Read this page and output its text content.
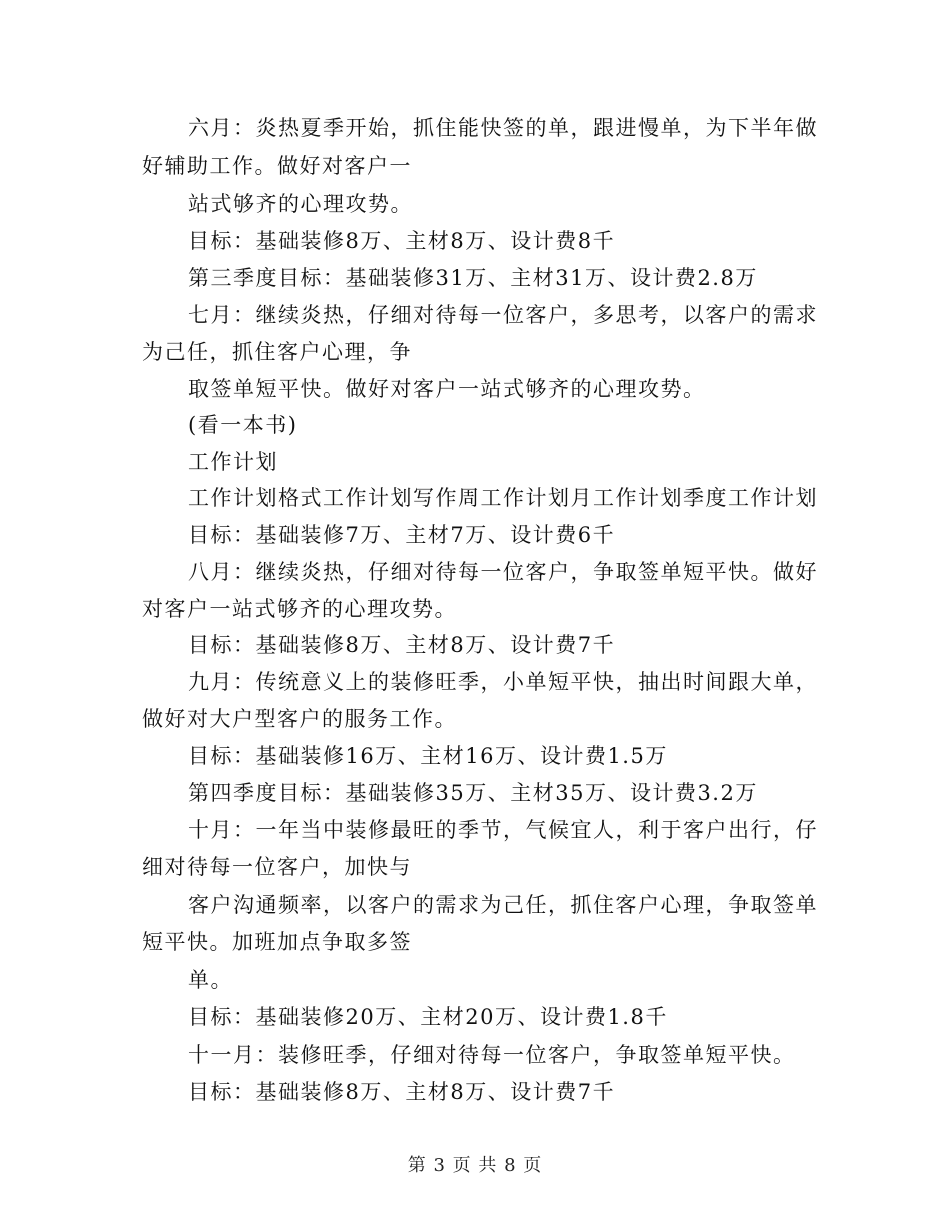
六月：炎热夏季开始，抓住能快签的单，跟进慢单，为下半年做
好辅助工作。做好对客户一
站式够齐的心理攻势。
目标：基础装修8万、主材8万、设计费8千
第三季度目标：基础装修31万、主材31万、设计费2.8万
七月：继续炎热，仔细对待每一位客户，多思考，以客户的需求
为己任，抓住客户心理，争
取签单短平快。做好对客户一站式够齐的心理攻势。
(看一本书)
工作计划
工作计划格式工作计划写作周工作计划月工作计划季度工作计划
目标：基础装修7万、主材7万、设计费6千
八月：继续炎热，仔细对待每一位客户，争取签单短平快。做好
对客户一站式够齐的心理攻势。
目标：基础装修8万、主材8万、设计费7千
九月：传统意义上的装修旺季，小单短平快，抽出时间跟大单，
做好对大户型客户的服务工作。
目标：基础装修16万、主材16万、设计费1.5万
第四季度目标：基础装修35万、主材35万、设计费3.2万
十月：一年当中装修最旺的季节，气候宜人，利于客户出行，仔
细对待每一位客户，加快与
客户沟通频率，以客户的需求为己任，抓住客户心理，争取签单
短平快。加班加点争取多签
单。
目标：基础装修20万、主材20万、设计费1.8千
十一月：装修旺季，仔细对待每一位客户，争取签单短平快。
目标：基础装修8万、主材8万、设计费7千
第 3 页 共 8 页
